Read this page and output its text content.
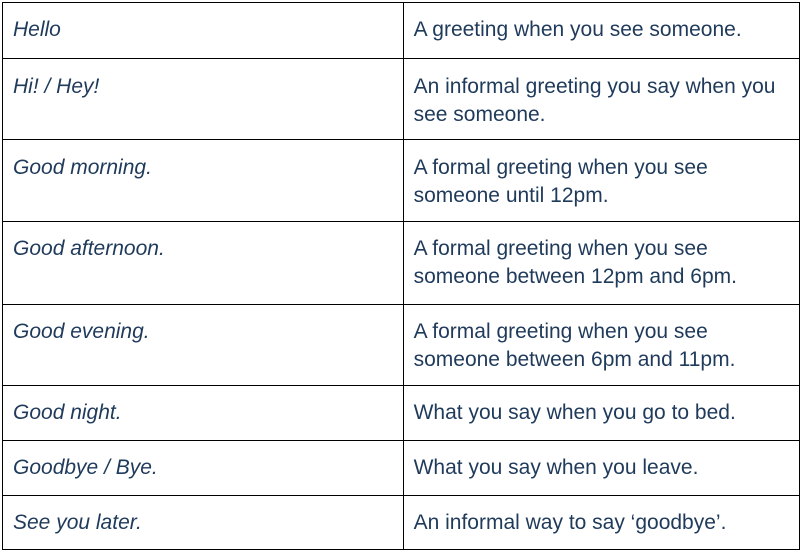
Hello	A greeting when you see someone.
Hi! / Hey!	An informal greeting you say when you see someone.
Good morning.	A formal greeting when you see someone until 12pm.
Good afternoon.	A formal greeting when you see someone between 12pm and 6pm.
Good evening.	A formal greeting when you see someone between 6pm and 11pm.
Good night.	What you say when you go to bed.
Goodbye / Bye.	What you say when you leave.
See you later.	An informal way to say ‘goodbye’.
